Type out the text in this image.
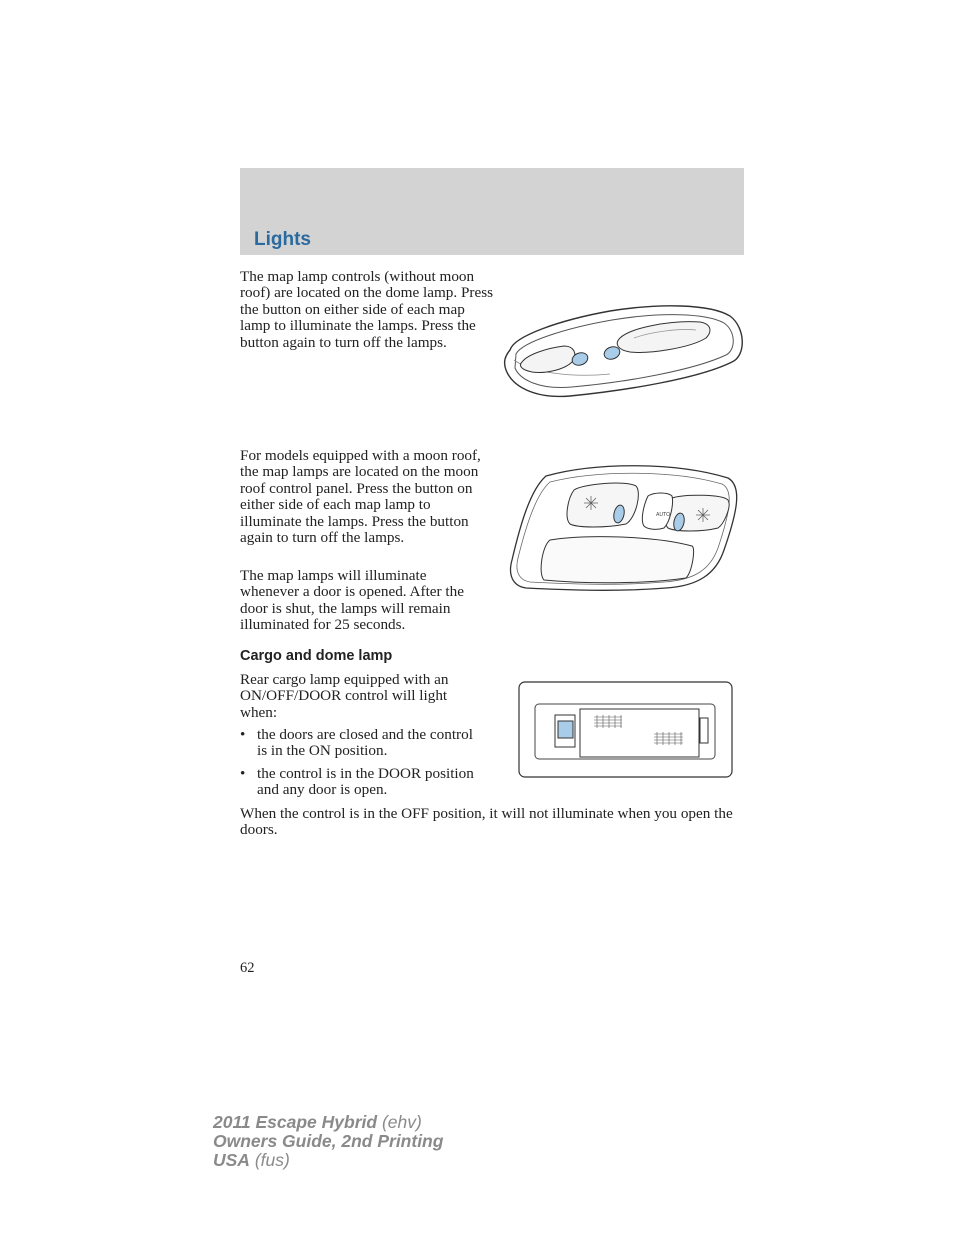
Lights

The map lamp controls (without moon roof) are located on the dome lamp. Press the button on either side of each map lamp to illuminate the lamps. Press the button again to turn off the lamps.

For models equipped with a moon roof, the map lamps are located on the moon roof control panel. Press the button on either side of each map lamp to illuminate the lamps. Press the button again to turn off the lamps.

The map lamps will illuminate whenever a door is opened. After the door is shut, the lamps will remain illuminated for 25 seconds.

AUTO
Cargo and dome lamp

Rear cargo lamp equipped with an ON/OFF/DOOR control will light when:

• the doors are closed and the control is in the ON position.
• the control is in the DOOR position and any door is open.

When the control is in the OFF position, it will not illuminate when you open the doors.

62
2011 Escape Hybrid (ehv)
Owners Guide, 2nd Printing
USA (fus)
